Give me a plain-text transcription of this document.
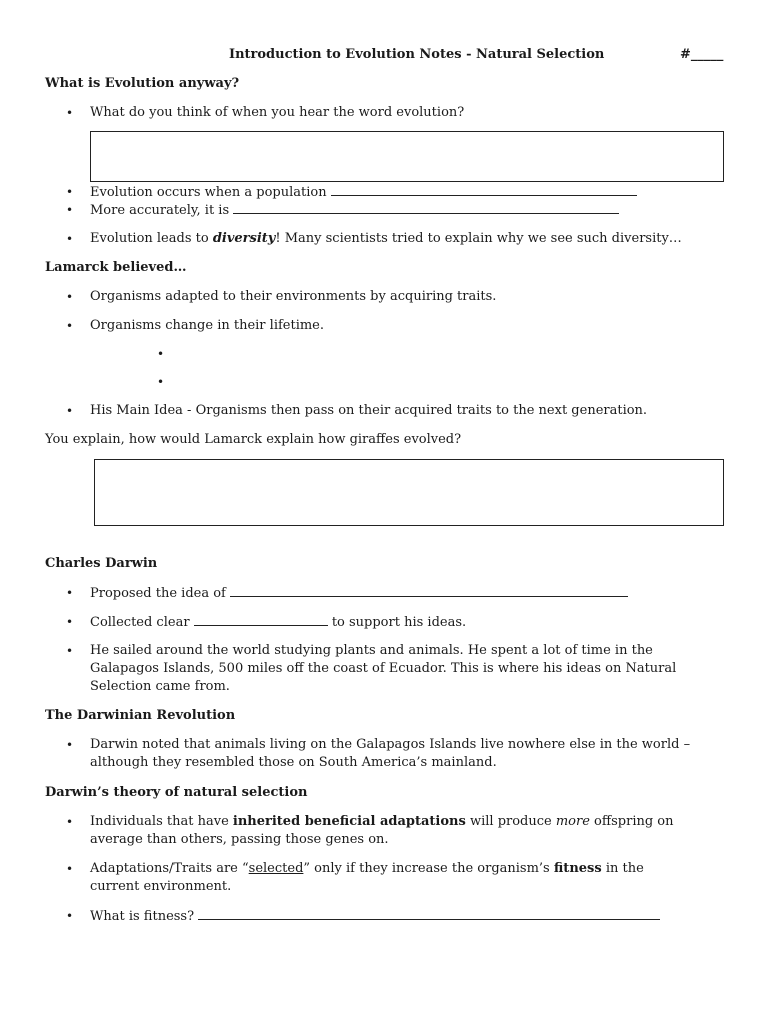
Introduction to Evolution Notes - Natural Selection	#_____
What is Evolution anyway?
• What do you think of when you hear the word evolution?
• Evolution occurs when a population
• More accurately, it is
• Evolution leads to diversity! Many scientists tried to explain why we see such diversity…
Lamarck believed…
• Organisms adapted to their environments by acquiring traits.
• Organisms change in their lifetime.
•
•
• His Main Idea - Organisms then pass on their acquired traits to the next generation.
You explain, how would Lamarck explain how giraffes evolved?
Charles Darwin
• Proposed the idea of
• Collected clear	to support his ideas.
• He sailed around the world studying plants and animals. He spent a lot of time in the Galapagos Islands, 500 miles off the coast of Ecuador. This is where his ideas on Natural Selection came from.
The Darwinian Revolution
• Darwin noted that animals living on the Galapagos Islands live nowhere else in the world – although they resembled those on South America’s mainland.
Darwin’s theory of natural selection
• Individuals that have inherited beneficial adaptations will produce more offspring on average than others, passing those genes on.
• Adaptations/Traits are “selected” only if they increase the organism’s fitness in the current environment.
• What is fitness?
